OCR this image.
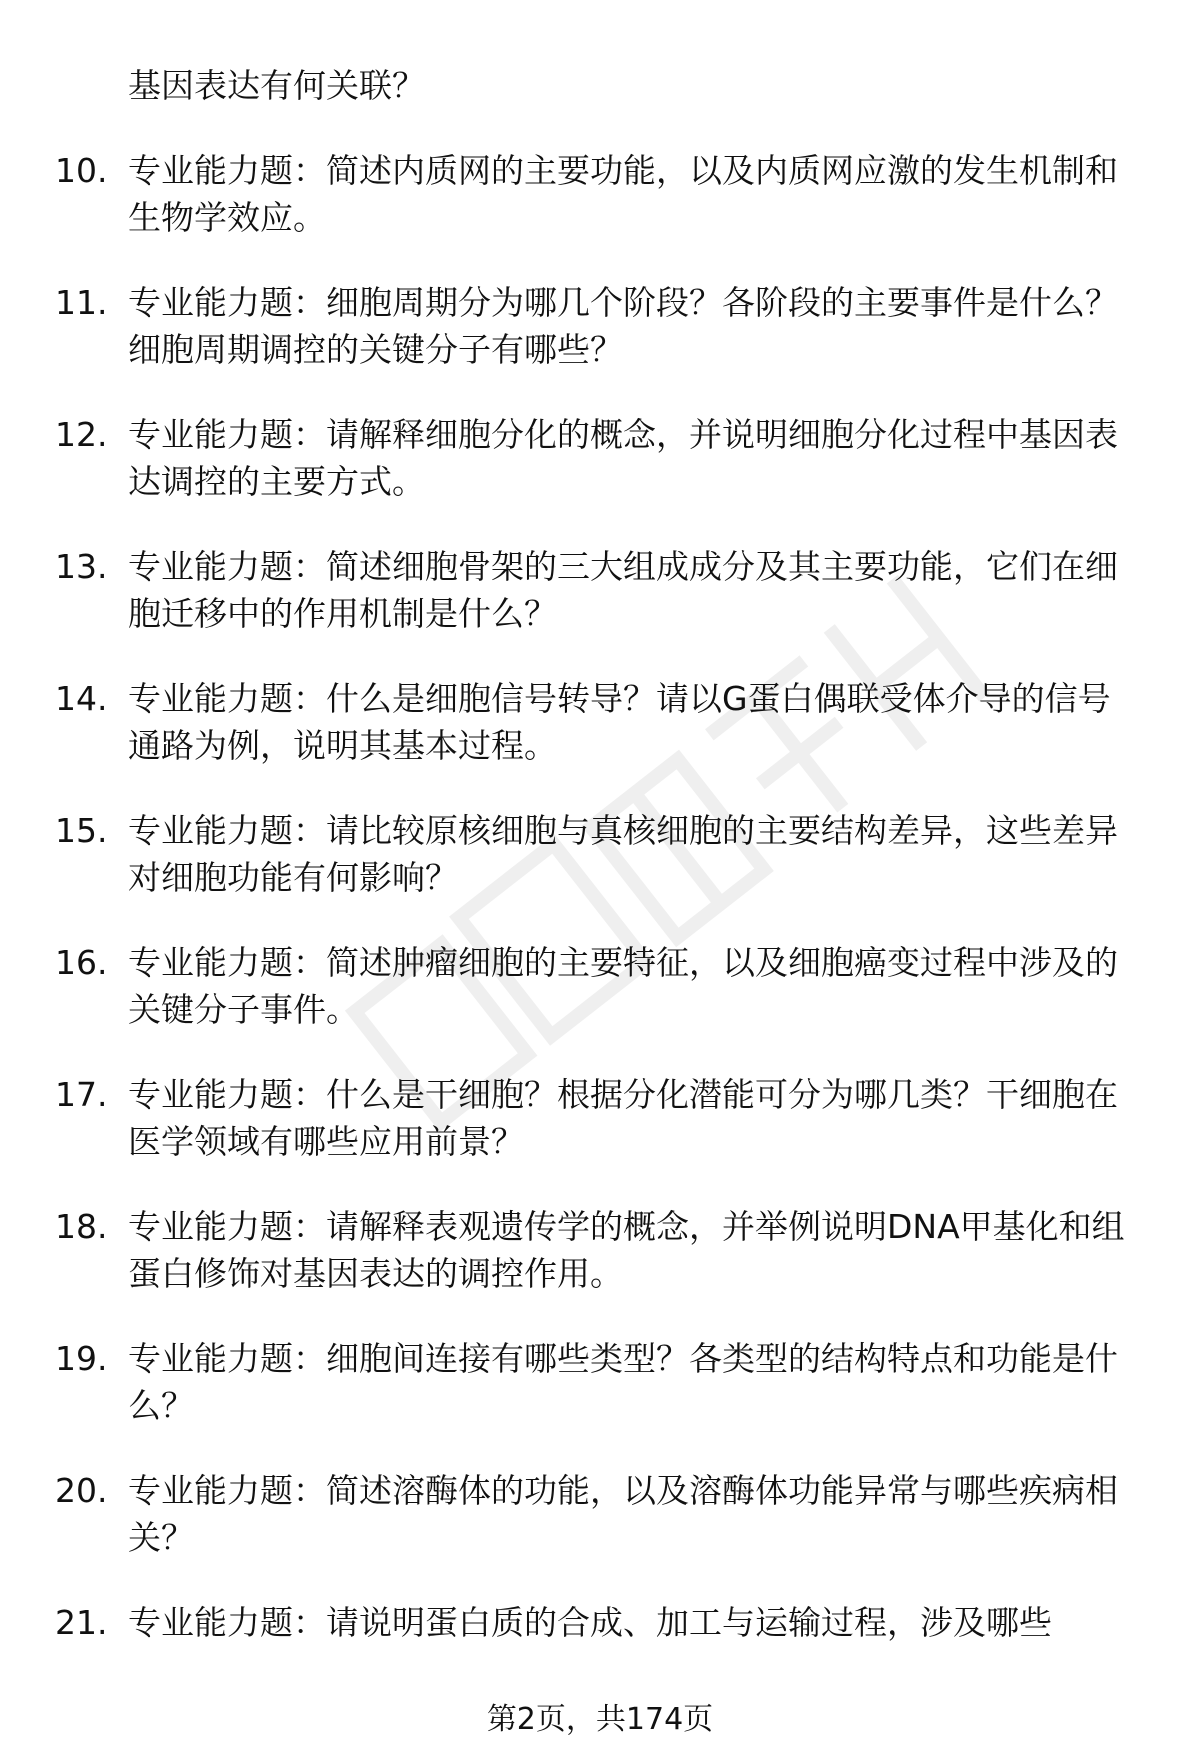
基因表达有何关联？
10. 专业能力题：简述内质网的主要功能，以及内质网应激的发生机制和生物学效应。
11. 专业能力题：细胞周期分为哪几个阶段？各阶段的主要事件是什么？细胞周期调控的关键分子有哪些？
12. 专业能力题：请解释细胞分化的概念，并说明细胞分化过程中基因表达调控的主要方式。
13. 专业能力题：简述细胞骨架的三大组成成分及其主要功能，它们在细胞迁移中的作用机制是什么？
14. 专业能力题：什么是细胞信号转导？请以G蛋白偶联受体介导的信号通路为例，说明其基本过程。
15. 专业能力题：请比较原核细胞与真核细胞的主要结构差异，这些差异对细胞功能有何影响？
16. 专业能力题：简述肿瘤细胞的主要特征，以及细胞癌变过程中涉及的关键分子事件。
17. 专业能力题：什么是干细胞？根据分化潜能可分为哪几类？干细胞在医学领域有哪些应用前景？
18. 专业能力题：请解释表观遗传学的概念，并举例说明DNA甲基化和组蛋白修饰对基因表达的调控作用。
19. 专业能力题：细胞间连接有哪些类型？各类型的结构特点和功能是什么？
20. 专业能力题：简述溶酶体的功能，以及溶酶体功能异常与哪些疾病相关？
21. 专业能力题：请说明蛋白质的合成、加工与运输过程，涉及哪些
第2页，共174页
